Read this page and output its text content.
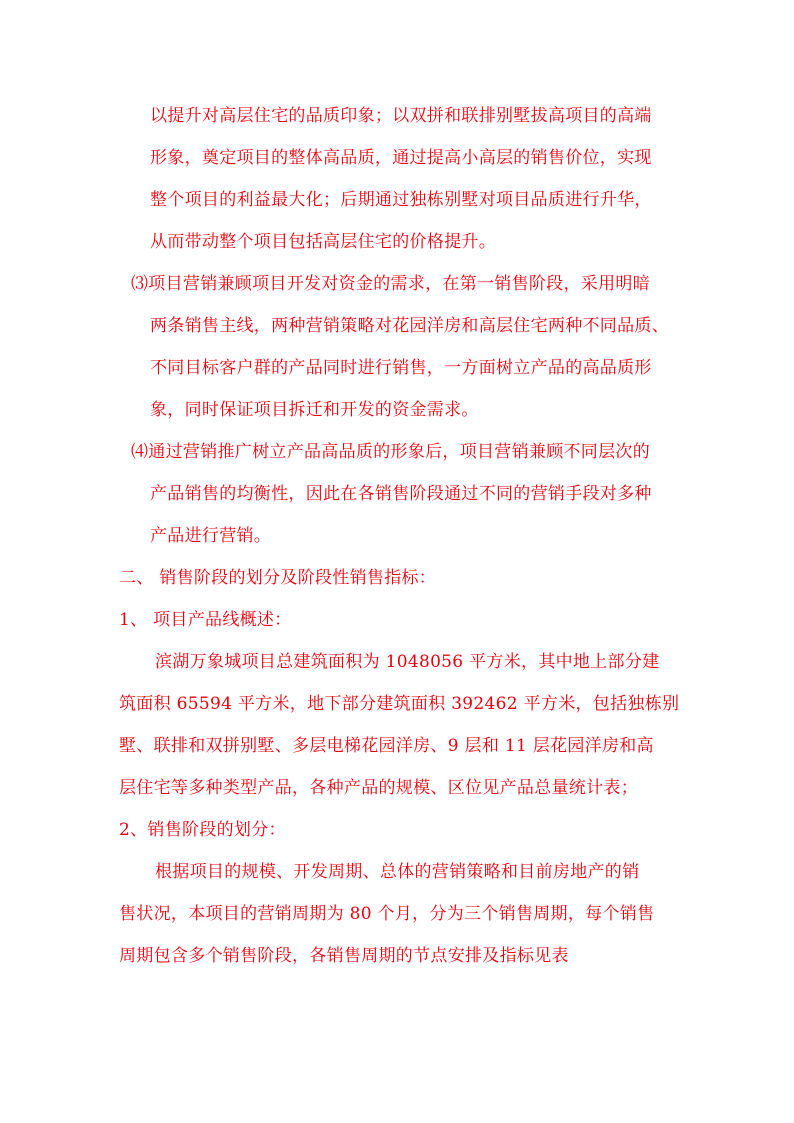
以提升对高层住宅的品质印象；以双拼和联排别墅拔高项目的高端
形象，奠定项目的整体高品质，通过提高小高层的销售价位，实现
整个项目的利益最大化；后期通过独栋别墅对项目品质进行升华，
从而带动整个项目包括高层住宅的价格提升。
⑶项目营销兼顾项目开发对资金的需求，在第一销售阶段，采用明暗
两条销售主线，两种营销策略对花园洋房和高层住宅两种不同品质、
不同目标客户群的产品同时进行销售，一方面树立产品的高品质形
象，同时保证项目拆迁和开发的资金需求。
⑷通过营销推广树立产品高品质的形象后，项目营销兼顾不同层次的
产品销售的均衡性，因此在各销售阶段通过不同的营销手段对多种
产品进行营销。
二、 销售阶段的划分及阶段性销售指标：
1、 项目产品线概述：
滨湖万象城项目总建筑面积为 1048056 平方米，其中地上部分建
筑面积 65594 平方米，地下部分建筑面积 392462 平方米，包括独栋别
墅、联排和双拼别墅、多层电梯花园洋房、9 层和 11 层花园洋房和高
层住宅等多种类型产品，各种产品的规模、区位见产品总量统计表；
2、销售阶段的划分：
根据项目的规模、开发周期、总体的营销策略和目前房地产的销
售状况，本项目的营销周期为 80 个月，分为三个销售周期，每个销售
周期包含多个销售阶段，各销售周期的节点安排及指标见表
